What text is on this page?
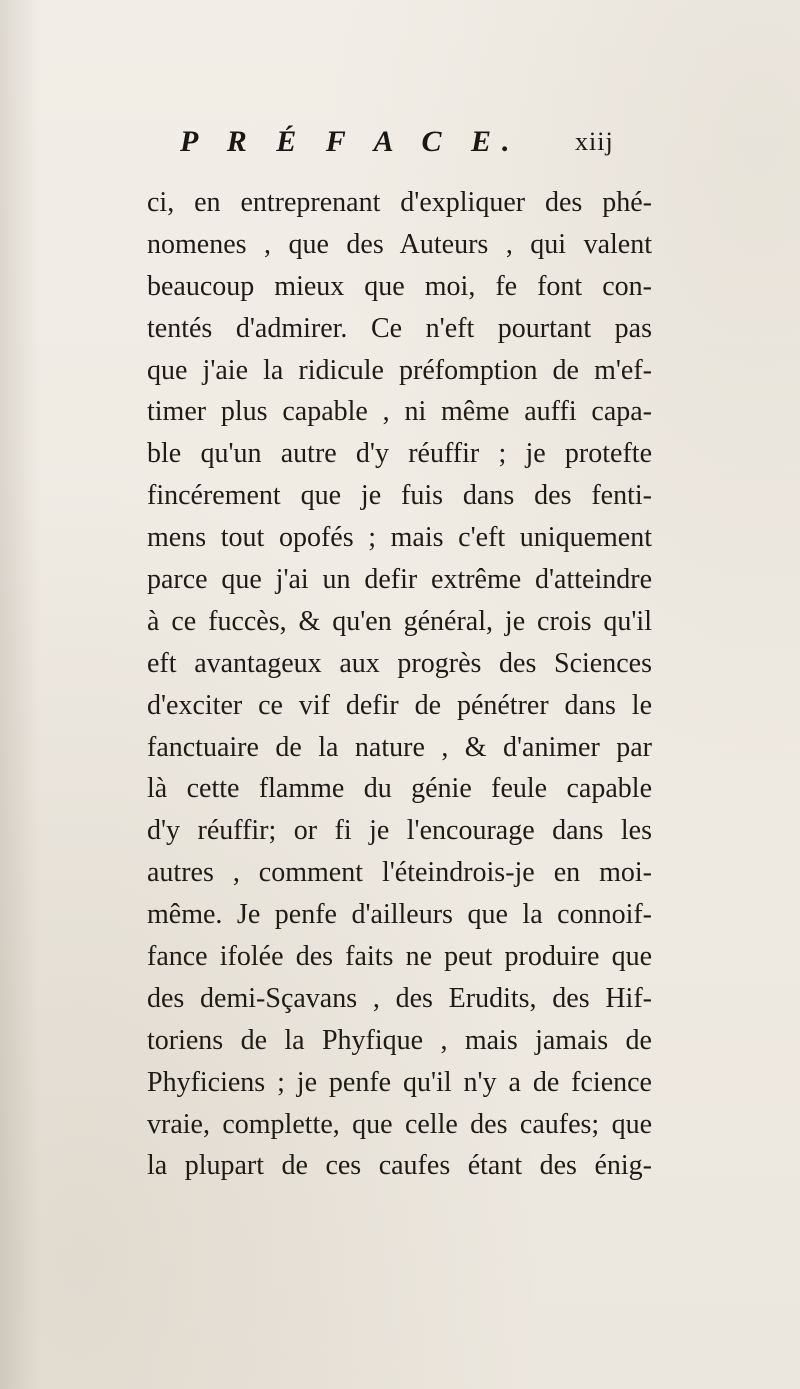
P R É F A C E. xiij
ci, en entreprenant d'expliquer des phé-
nomenes , que des Auteurs , qui valent
beaucoup mieux que moi, fe font con-
tentés d'admirer. Ce n'eft pourtant pas
que j'aie la ridicule préfomption de m'ef-
timer plus capable , ni même auffi capa-
ble qu'un autre d'y réuffir ; je protefte
fincérement que je fuis dans des fenti-
mens tout opofés ; mais c'eft uniquement
parce que j'ai un defir extrême d'atteindre
à ce fuccès, & qu'en général, je crois qu'il
eft avantageux aux progrès des Sciences
d'exciter ce vif defir de pénétrer dans le
fanctuaire de la nature , & d'animer par
là cette flamme du génie feule capable
d'y réuffir; or fi je l'encourage dans les
autres , comment l'éteindrois-je en moi-
même. Je penfe d'ailleurs que la connoif-
fance ifolée des faits ne peut produire que
des demi-Sçavans , des Erudits, des Hif-
toriens de la Phyfique , mais jamais de
Phyficiens ; je penfe qu'il n'y a de fcience
vraie, complette, que celle des caufes; que
la plupart de ces caufes étant des énig-
